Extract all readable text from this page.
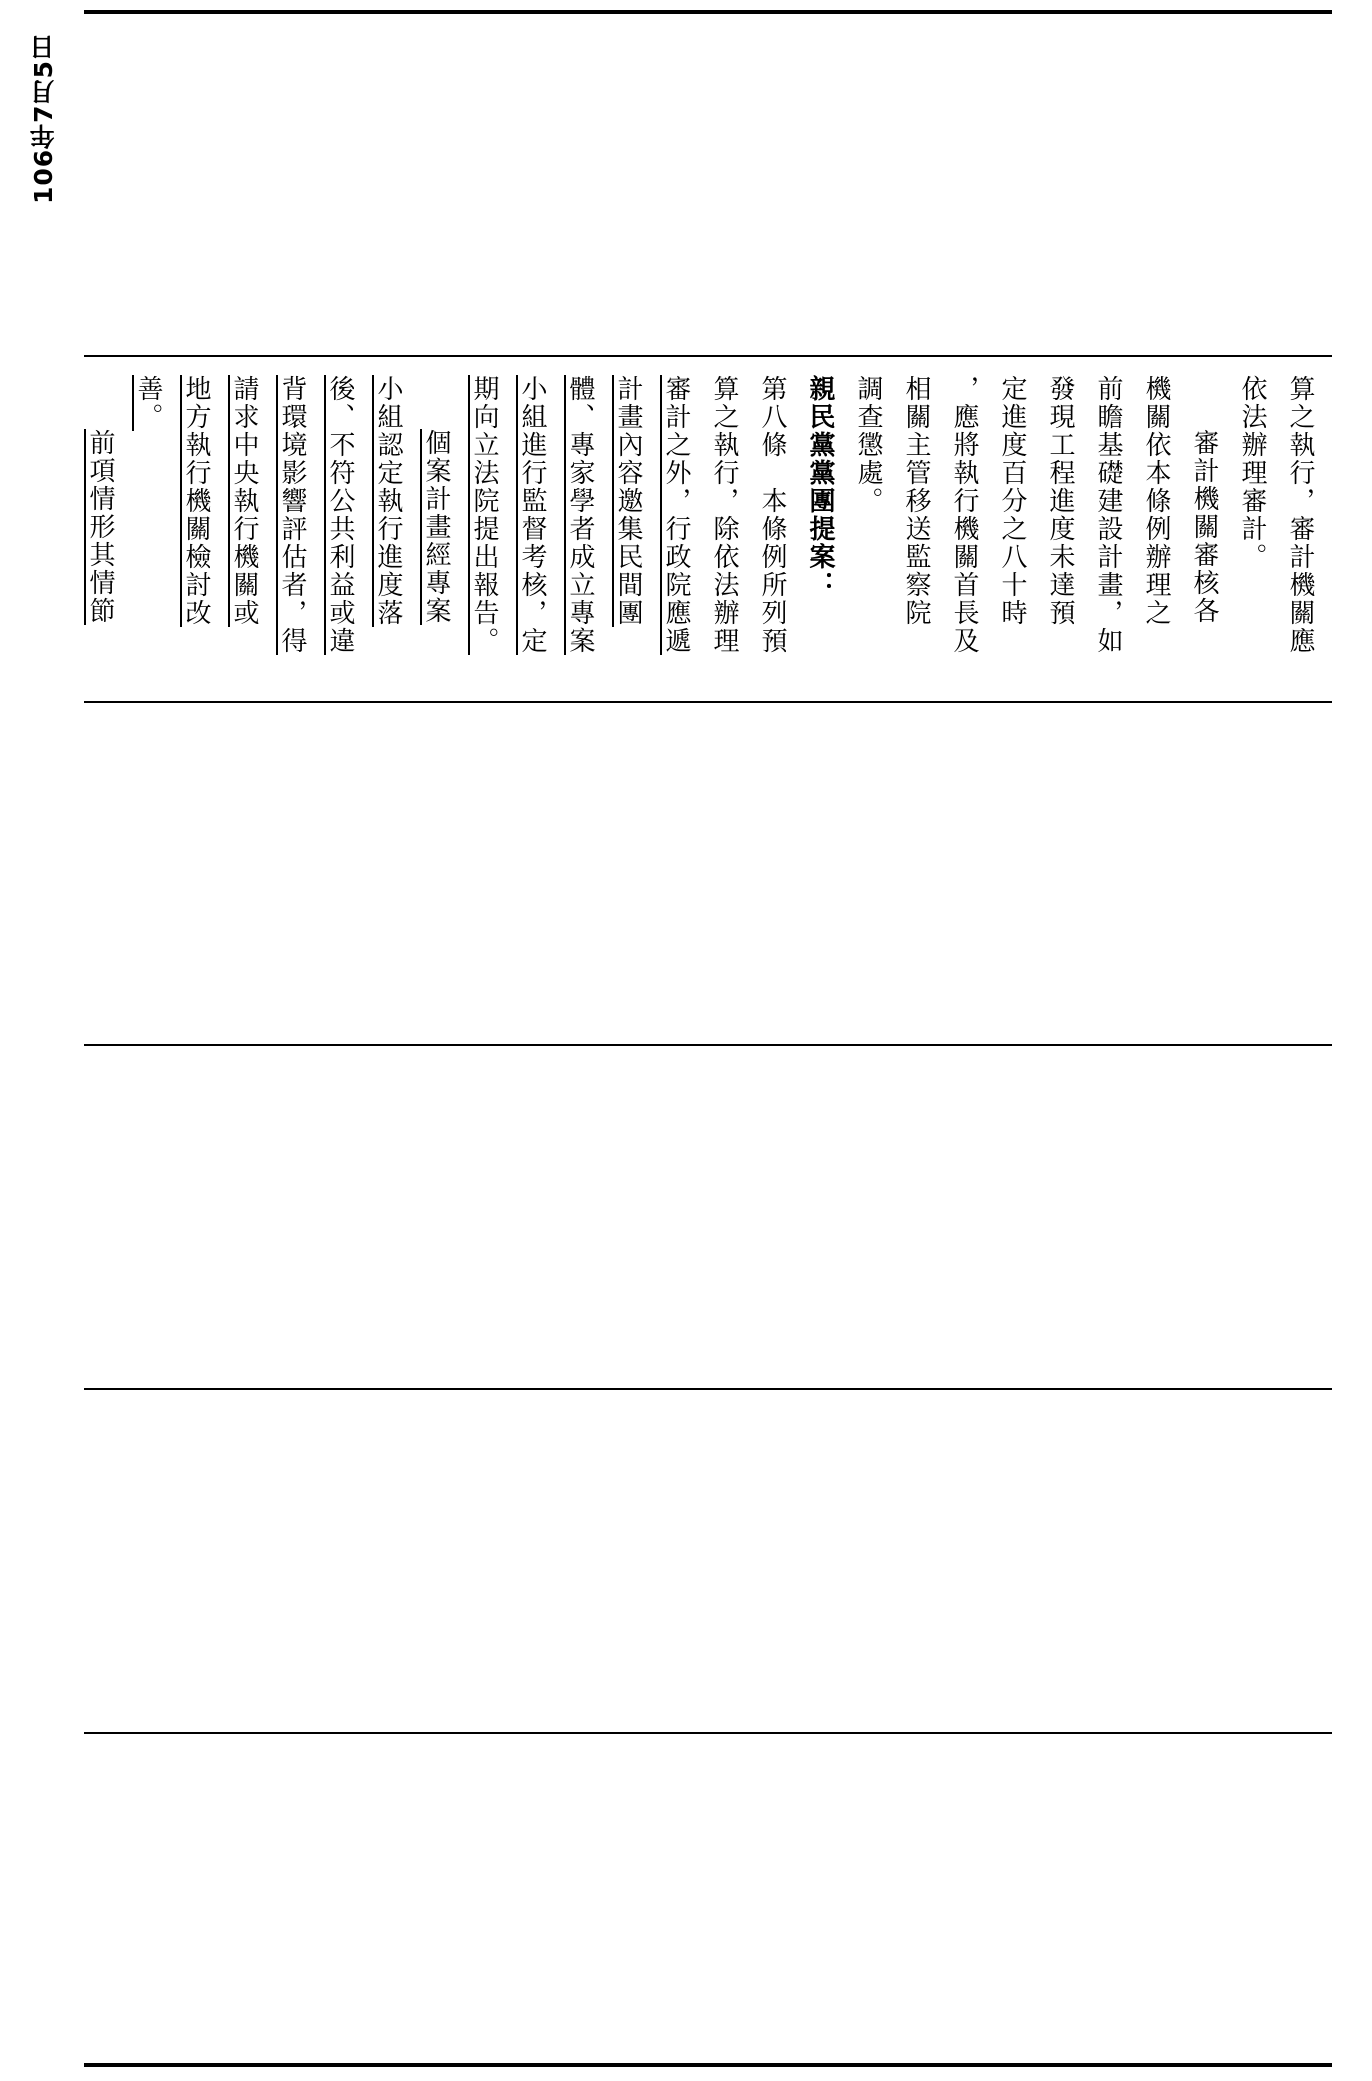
106年7月5日

算之執行，審計機關應

依法辦理審計。

審計機關審核各

機關依本條例辦理之

前瞻基礎建設計畫，如

發現工程進度未達預

定進度百分之八十時

，應將執行機關首長及

相關主管移送監察院

調查懲處。

親民黨黨團提案：

第八條　本條例所列預

算之執行，除依法辦理

審計之外，行政院應遞

計畫內容邀集民間團

體、專家學者成立專案

小組進行監督考核，定

期向立法院提出報告。

個案計畫經專案

小組認定執行進度落

後、不符公共利益或違

背環境影響評估者，得

請求中央執行機關或

地方執行機關檢討改

善。

前項情形其情節
